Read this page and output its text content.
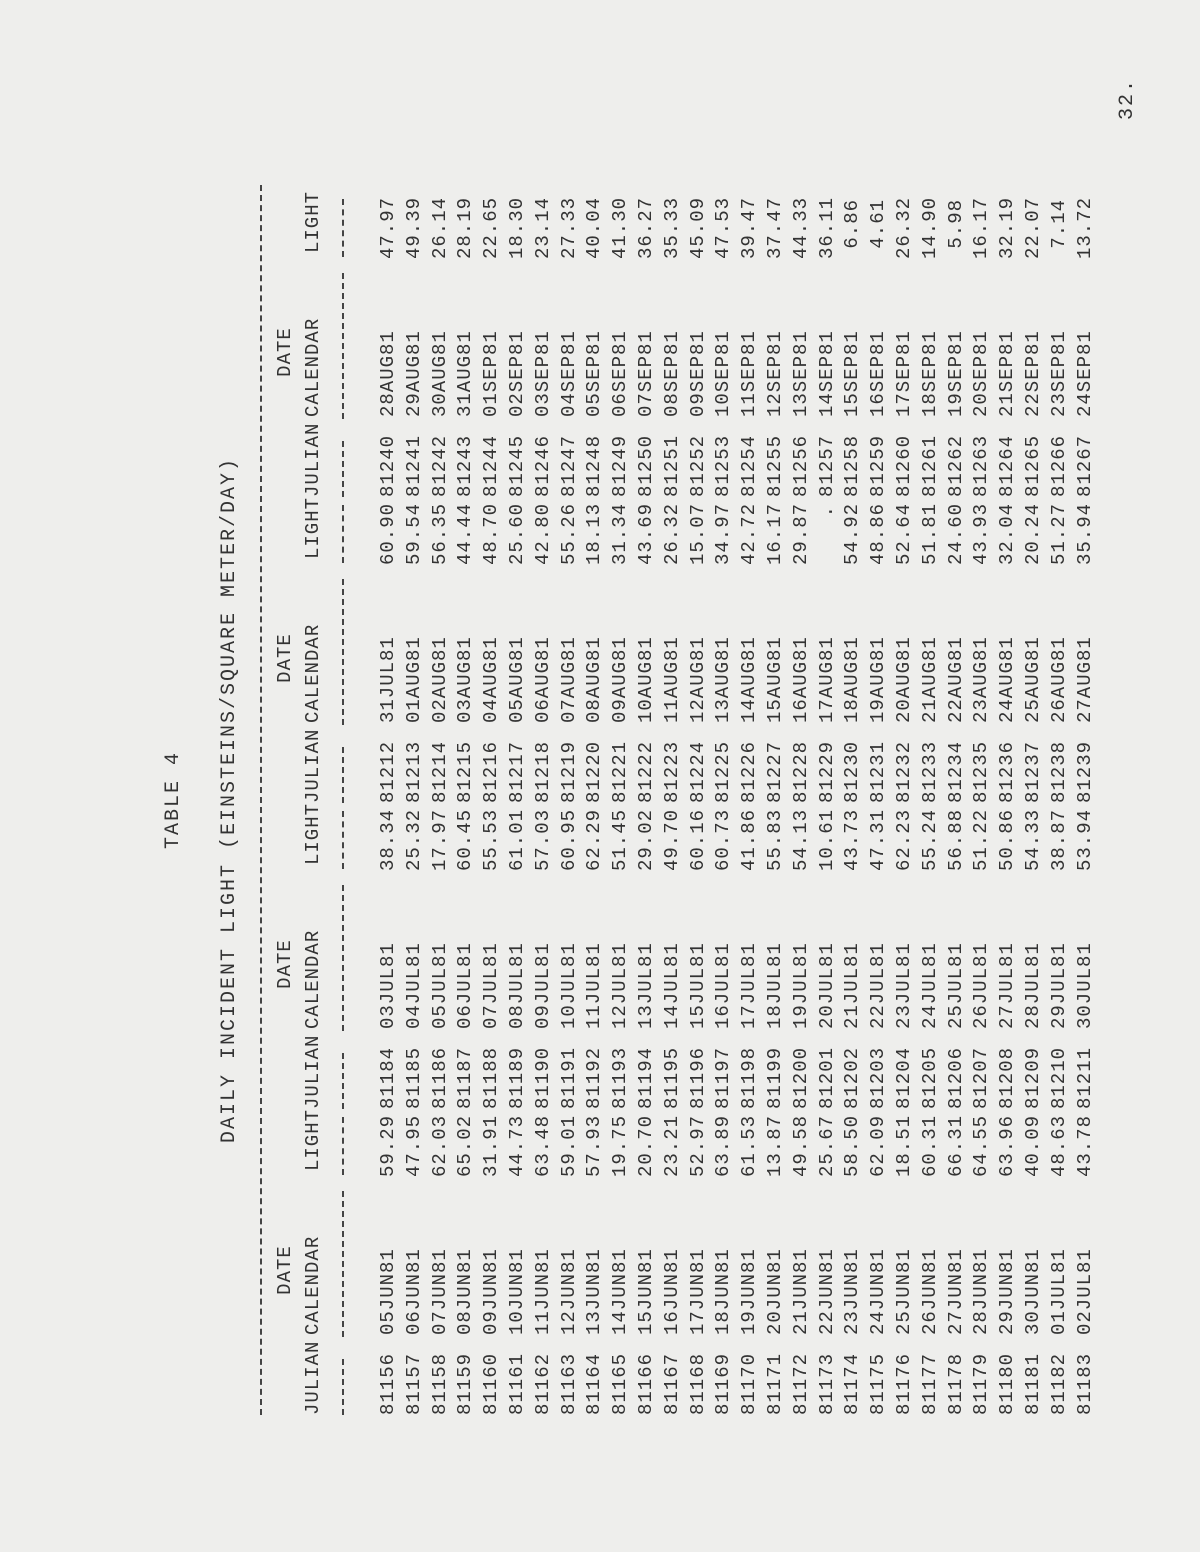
32.
TABLE 4 DAILY INCIDENT LIGHT (EINSTEINS/SQUARE METER/DAY)
DATE
JULIAN
CALENDAR
LIGHT
81156
05JUN81
59.29
81157
06JUN81
47.95
81158
07JUN81
62.03
81159
08JUN81
65.02
81160
09JUN81
31.91
81161
10JUN81
44.73
81162
11JUN81
63.48
81163
12JUN81
59.01
81164
13JUN81
57.93
81165
14JUN81
19.75
81166
15JUN81
20.70
81167
16JUN81
23.21
81168
17JUN81
52.97
81169
18JUN81
63.89
81170
19JUN81
61.53
81171
20JUN81
13.87
81172
21JUN81
49.58
81173
22JUN81
25.67
81174
23JUN81
58.50
81175
24JUN81
62.09
81176
25JUN81
18.51
81177
26JUN81
60.31
81178
27JUN81
66.31
81179
28JUN81
64.55
81180
29JUN81
63.96
81181
30JUN81
40.09
81182
01JUL81
48.63
81183
02JUL81
43.78
DATE
JULIAN
CALENDAR
LIGHT
81184
03JUL81
38.34
81185
04JUL81
25.32
81186
05JUL81
17.97
81187
06JUL81
60.45
81188
07JUL81
55.53
81189
08JUL81
61.01
81190
09JUL81
57.03
81191
10JUL81
60.95
81192
11JUL81
62.29
81193
12JUL81
51.45
81194
13JUL81
29.02
81195
14JUL81
49.70
81196
15JUL81
60.16
81197
16JUL81
60.73
81198
17JUL81
41.86
81199
18JUL81
55.83
81200
19JUL81
54.13
81201
20JUL81
10.61
81202
21JUL81
43.73
81203
22JUL81
47.31
81204
23JUL81
62.23
81205
24JUL81
55.24
81206
25JUL81
56.88
81207
26JUL81
51.22
81208
27JUL81
50.86
81209
28JUL81
54.33
81210
29JUL81
38.87
81211
30JUL81
53.94
DATE
JULIAN
CALENDAR
LIGHT
81212
31JUL81
60.90
81213
01AUG81
59.54
81214
02AUG81
56.35
81215
03AUG81
44.44
81216
04AUG81
48.70
81217
05AUG81
25.60
81218
06AUG81
42.80
81219
07AUG81
55.26
81220
08AUG81
18.13
81221
09AUG81
31.34
81222
10AUG81
43.69
81223
11AUG81
26.32
81224
12AUG81
15.07
81225
13AUG81
34.97
81226
14AUG81
42.72
81227
15AUG81
16.17
81228
16AUG81
29.87
81229
17AUG81
.
81230
18AUG81
54.92
81231
19AUG81
48.86
81232
20AUG81
52.64
81233
21AUG81
51.81
81234
22AUG81
24.60
81235
23AUG81
43.93
81236
24AUG81
32.04
81237
25AUG81
20.24
81238
26AUG81
51.27
81239
27AUG81
35.94
DATE
JULIAN
CALENDAR
LIGHT
81240
28AUG81
47.97
81241
29AUG81
49.39
81242
30AUG81
26.14
81243
31AUG81
28.19
81244
01SEP81
22.65
81245
02SEP81
18.30
81246
03SEP81
23.14
81247
04SEP81
27.33
81248
05SEP81
40.04
81249
06SEP81
41.30
81250
07SEP81
36.27
81251
08SEP81
35.33
81252
09SEP81
45.09
81253
10SEP81
47.53
81254
11SEP81
39.47
81255
12SEP81
37.47
81256
13SEP81
44.33
81257
14SEP81
36.11
81258
15SEP81
6.86
81259
16SEP81
4.61
81260
17SEP81
26.32
81261
18SEP81
14.90
81262
19SEP81
5.98
81263
20SEP81
16.17
81264
21SEP81
32.19
81265
22SEP81
22.07
81266
23SEP81
7.14
81267
24SEP81
13.72
